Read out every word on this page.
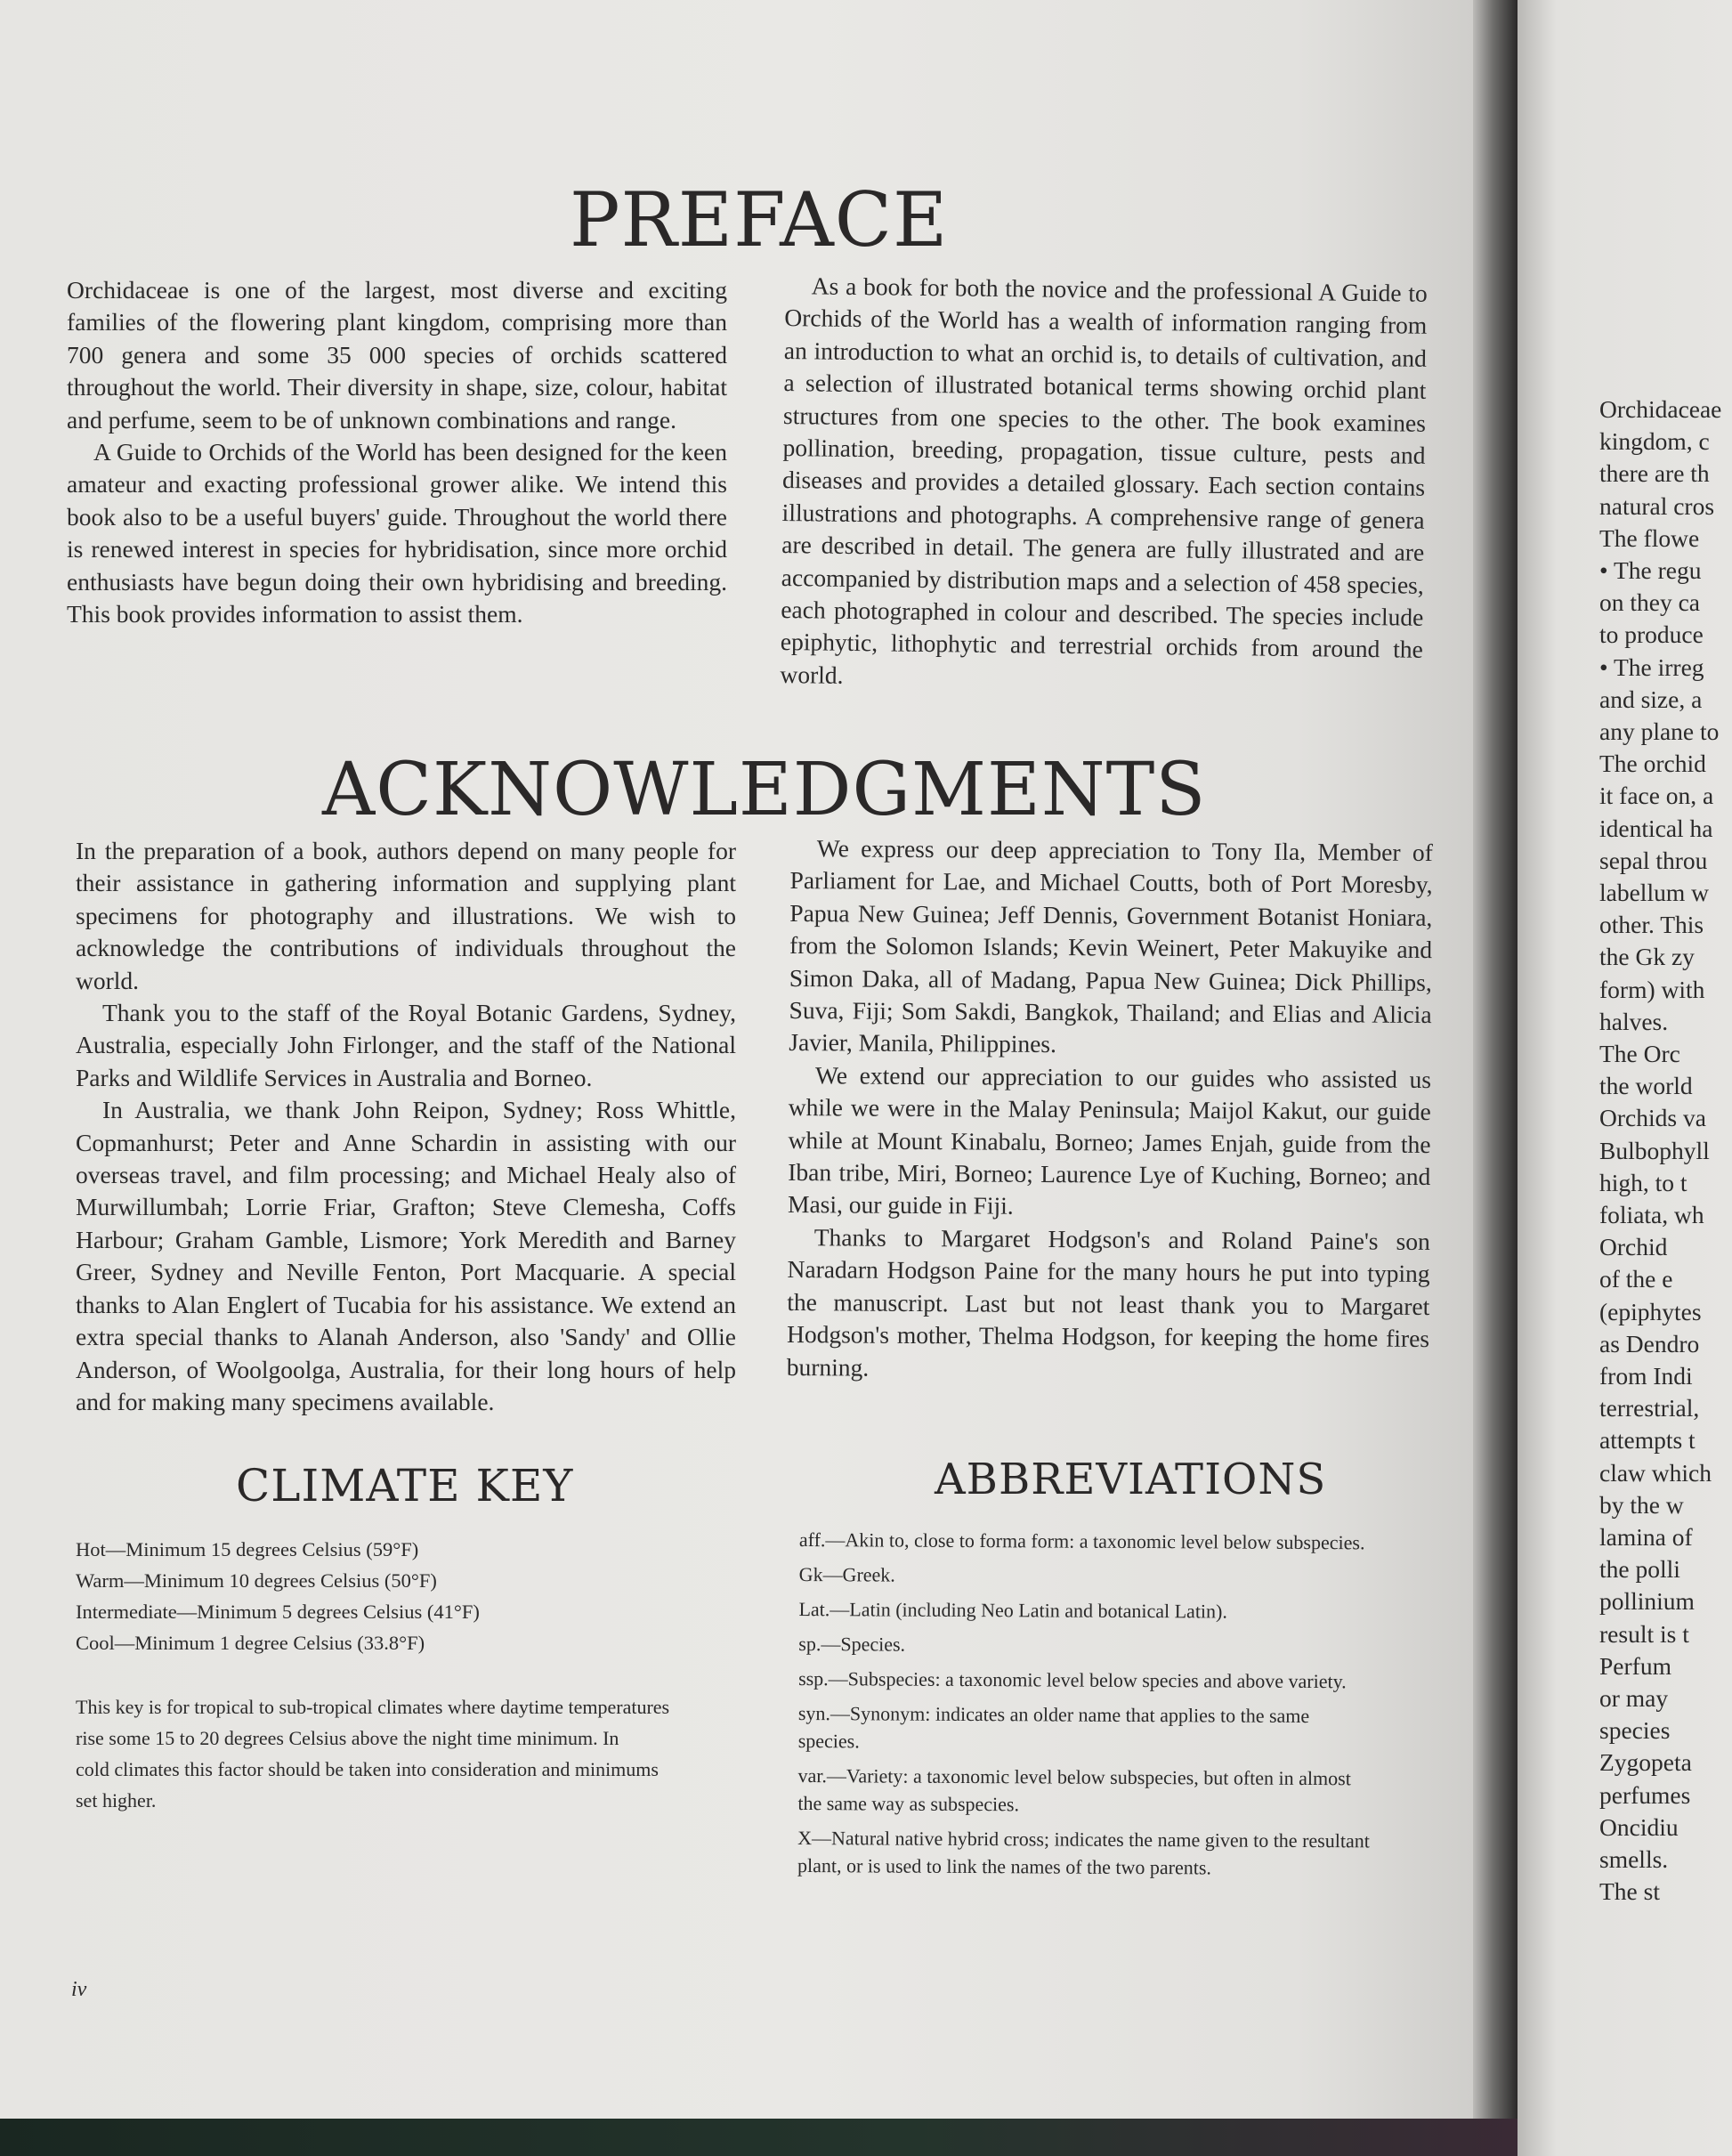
PREFACE

Orchidaceae is one of the largest, most diverse and exciting families of the flowering plant kingdom, comprising more than 700 genera and some 35 000 species of orchids scattered throughout the world. Their diversity in shape, size, colour, habitat and perfume, seem to be of unknown combinations and range.

A Guide to Orchids of the World has been designed for the keen amateur and exacting professional grower alike. We intend this book also to be a useful buyers' guide. Throughout the world there is renewed interest in species for hybridisation, since more orchid enthusiasts have begun doing their own hybridising and breeding. This book provides information to assist them.

As a book for both the novice and the professional A Guide to Orchids of the World has a wealth of information ranging from an introduction to what an orchid is, to details of cultivation, and a selection of illustrated botanical terms showing orchid plant structures from one species to the other. The book examines pollination, breeding, propagation, tissue culture, pests and diseases and provides a detailed glossary. Each section contains illustrations and photographs. A comprehensive range of genera are described in detail. The genera are fully illustrated and are accompanied by distribution maps and a selection of 458 species, each photographed in colour and described. The species include epiphytic, lithophytic and terrestrial orchids from around the world.

ACKNOWLEDGMENTS

In the preparation of a book, authors depend on many people for their assistance in gathering information and supplying plant specimens for photography and illustrations. We wish to acknowledge the contributions of individuals throughout the world.

Thank you to the staff of the Royal Botanic Gardens, Sydney, Australia, especially John Firlonger, and the staff of the National Parks and Wildlife Services in Australia and Borneo.

In Australia, we thank John Reipon, Sydney; Ross Whittle, Copmanhurst; Peter and Anne Schardin in assisting with our overseas travel, and film processing; and Michael Healy also of Murwillumbah; Lorrie Friar, Grafton; Steve Clemesha, Coffs Harbour; Graham Gamble, Lismore; York Meredith and Barney Greer, Sydney and Neville Fenton, Port Macquarie. A special thanks to Alan Englert of Tucabia for his assistance. We extend an extra special thanks to Alanah Anderson, also 'Sandy' and Ollie Anderson, of Woolgoolga, Australia, for their long hours of help and for making many specimens available.

We express our deep appreciation to Tony Ila, Member of Parliament for Lae, and Michael Coutts, both of Port Moresby, Papua New Guinea; Jeff Dennis, Government Botanist Honiara, from the Solomon Islands; Kevin Weinert, Peter Makuyike and Simon Daka, all of Madang, Papua New Guinea; Dick Phillips, Suva, Fiji; Som Sakdi, Bangkok, Thailand; and Elias and Alicia Javier, Manila, Philippines.

We extend our appreciation to our guides who assisted us while we were in the Malay Peninsula; Maijol Kakut, our guide while at Mount Kinabalu, Borneo; James Enjah, guide from the Iban tribe, Miri, Borneo; Laurence Lye of Kuching, Borneo; and Masi, our guide in Fiji.

Thanks to Margaret Hodgson's and Roland Paine's son Naradarn Hodgson Paine for the many hours he put into typing the manuscript. Last but not least thank you to Margaret Hodgson's mother, Thelma Hodgson, for keeping the home fires burning.

CLIMATE KEY
Hot—Minimum 15 degrees Celsius (59°F)
Warm—Minimum 10 degrees Celsius (50°F)
Intermediate—Minimum 5 degrees Celsius (41°F)
Cool—Minimum 1 degree Celsius (33.8°F)
This key is for tropical to sub-tropical climates where daytime temperatures
rise some 15 to 20 degrees Celsius above the night time minimum. In
cold climates this factor should be taken into consideration and minimums
set higher.
ABBREVIATIONS
aff.—Akin to, close to forma form: a taxonomic level below subspecies.
Gk—Greek.
Lat.—Latin (including Neo Latin and botanical Latin).
sp.—Species.
ssp.—Subspecies: a taxonomic level below species and above variety.
syn.—Synonym: indicates an older name that applies to the same
species.
var.—Variety: a taxonomic level below subspecies, but often in almost
the same way as subspecies.
X—Natural native hybrid cross; indicates the name given to the resultant
plant, or is used to link the names of the two parents.
iv
Orchidaceae
kingdom, c
there are th
natural cros
The flowe
• The regu
on they ca
to produce
• The irreg
and size, a
any plane to
The orchid
it face on, a
identical ha
sepal throu
labellum w
other. This
the Gk zy
form) with
halves.
The Orc
the world
Orchids va
Bulbophyll
high, to t
foliata, wh
Orchid
of the e
(epiphytes
as Dendro
from Indi
terrestrial,
attempts t
claw which
by the w
lamina of
the polli
pollinium
result is t
Perfum
or may
species
Zygopeta
perfumes
Oncidiu
smells.
The st
